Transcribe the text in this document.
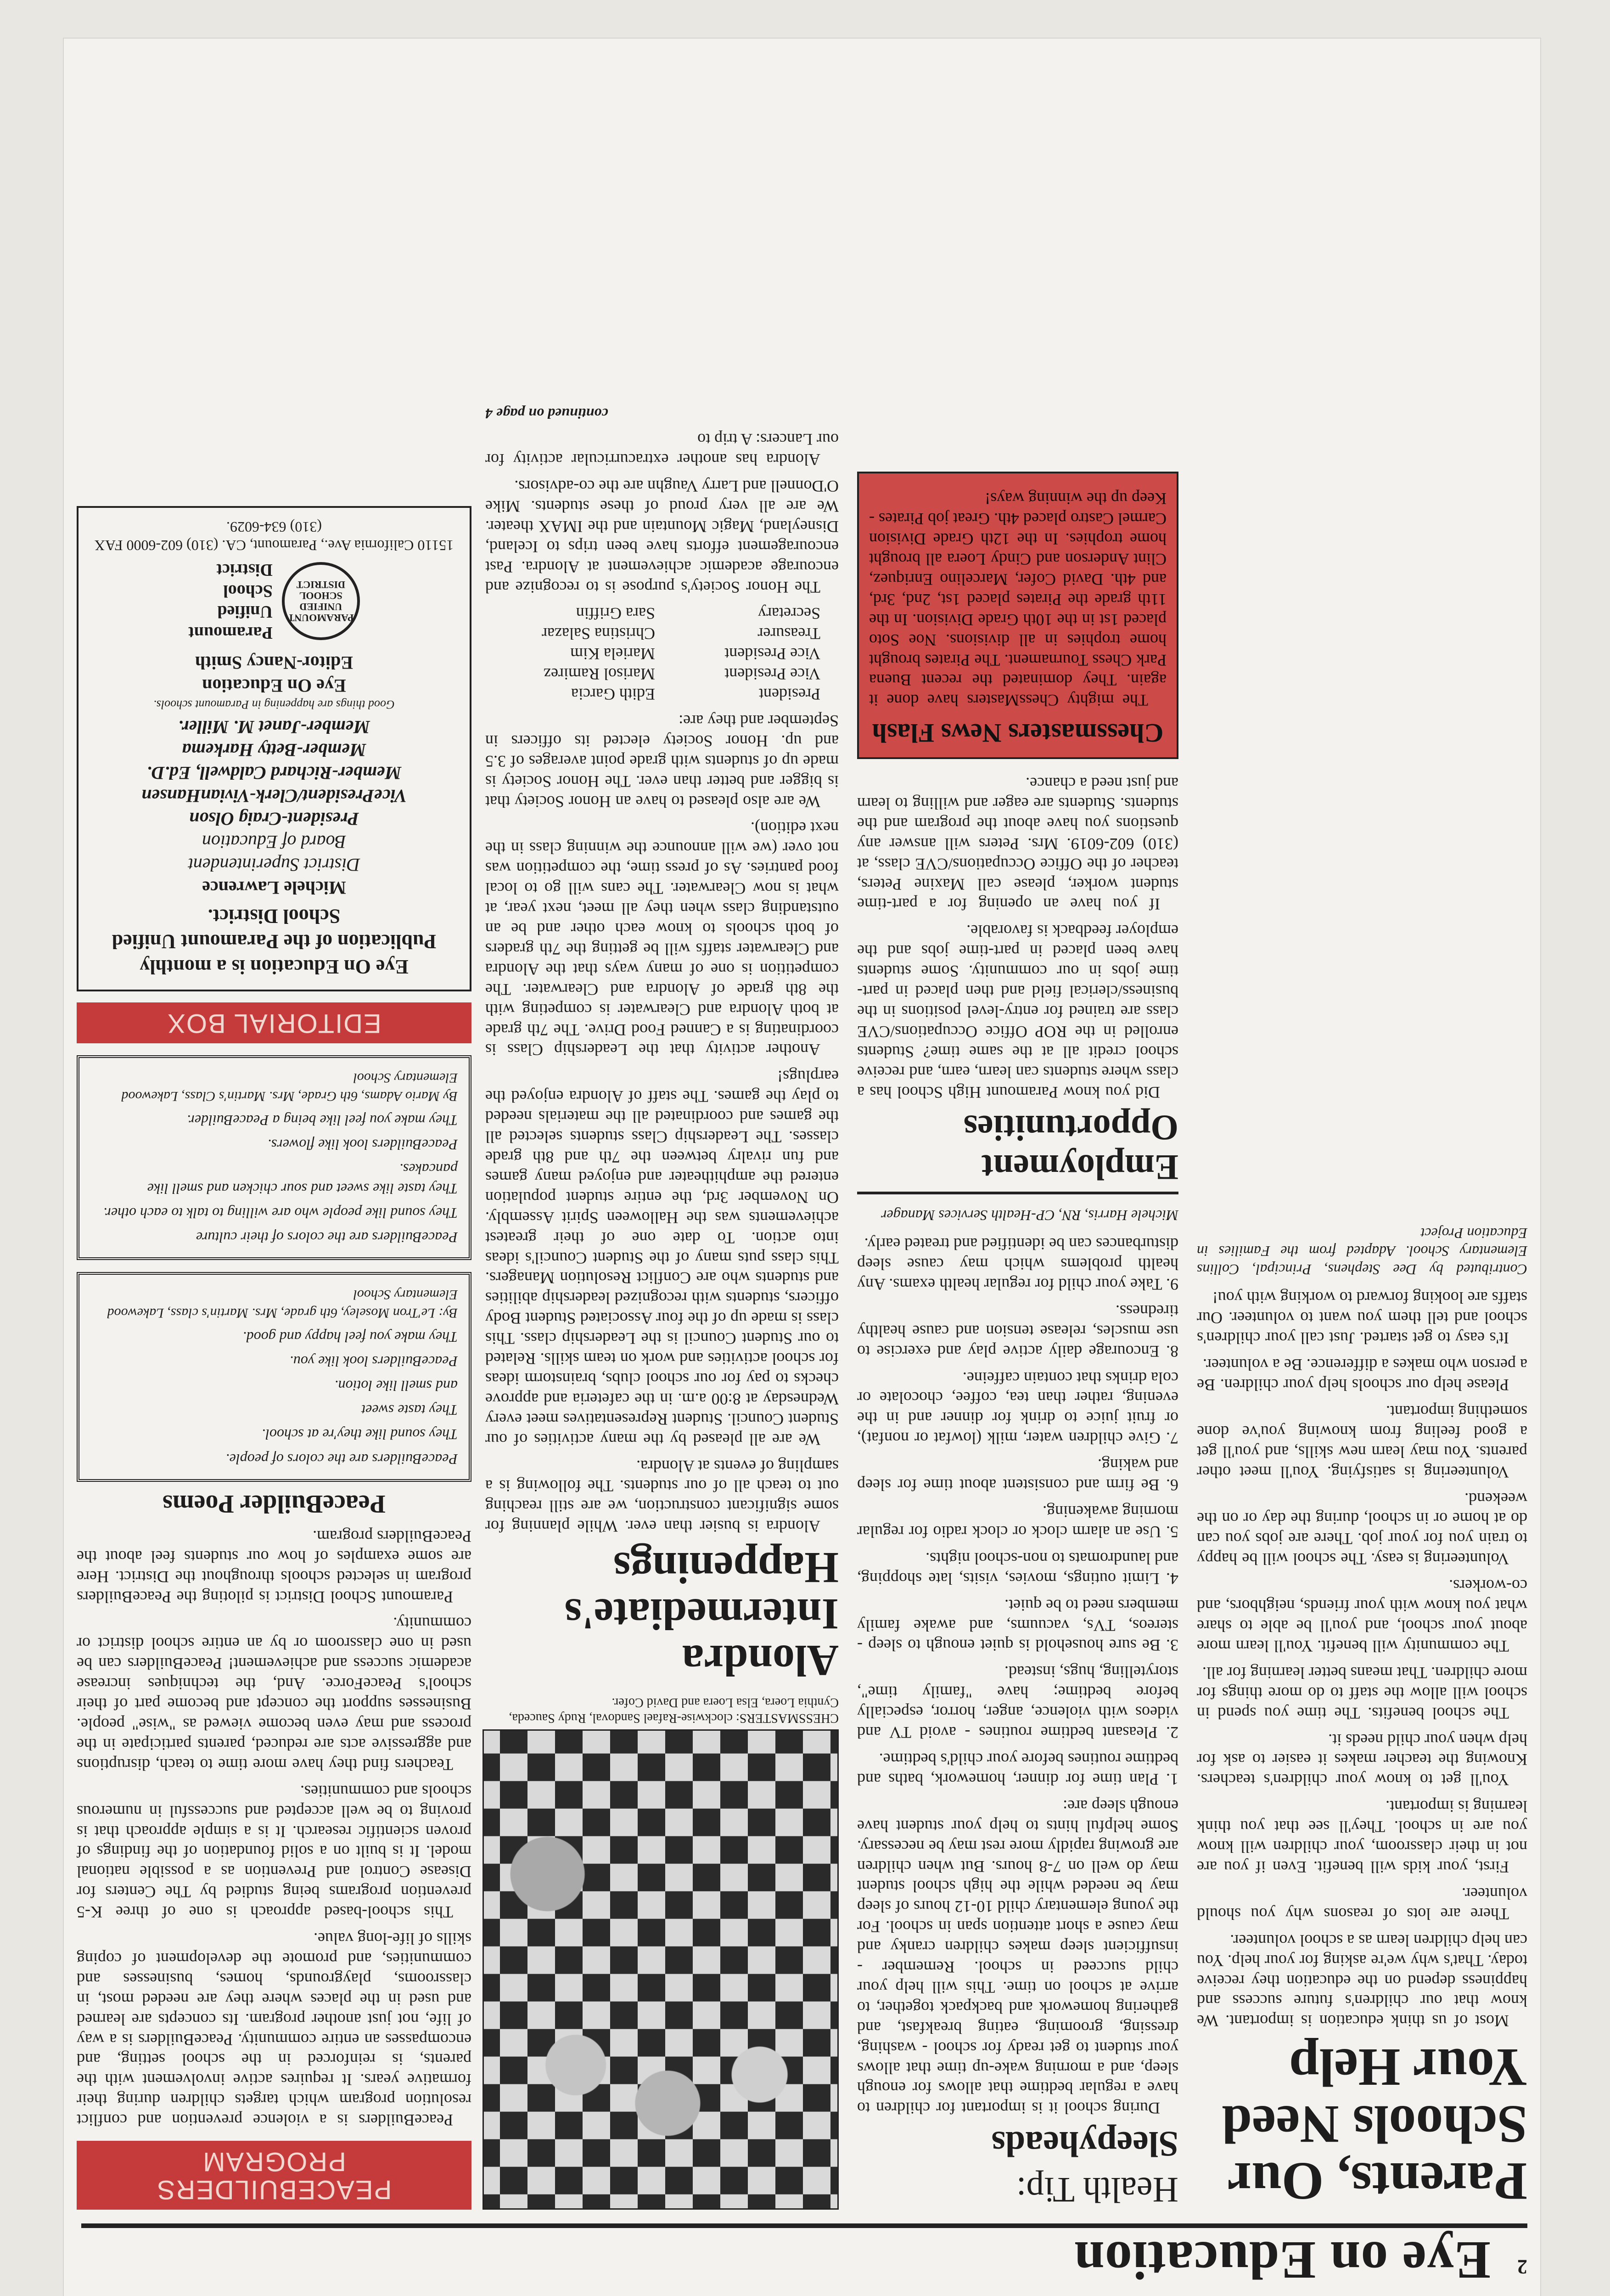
2
Eye on Education
Parents, Our Schools Need Your Help

Most of us think education is important. We know that our children's future success and happiness depend on the education they receive today. That's why we're asking for your help. You can help children learn as a school volunteer.

There are lots of reasons why you should volunteer.

First, your kids will benefit. Even if you are not in their classroom, your children will know you are in school. They'll see that you think learning is important.

You'll get to know your children's teachers. Knowing the teacher makes it easier to ask for help when your child needs it.

The school benefits. The time you spend in school will allow the staff to do more things for more children. That means better learning for all.

The community will benefit. You'll learn more about your school, and you'll be able to share what you know with your friends, neighbors, and co-workers.

Volunteering is easy. The school will be happy to train you for your job. There are jobs you can do at home or in school, during the day or on the weekend.

Volunteering is satisfying. You'll meet other parents. You may learn new skills, and you'll get a good feeling from knowing you've done something important.

Please help our schools help your children. Be a person who makes a difference. Be a volunteer.

It's easy to get started. Just call your children's school and tell them you want to volunteer. Our staffs are looking forward to working with you!

Contributed by Dee Stephens, Principal, Collins Elementary School. Adapted from the Families in Education Project

Health Tip:
Sleepyheads

During school it is important for children to have a regular bedtime that allows for enough sleep, and a morning wake-up time that allows your student to get ready for school - washing, dressing, grooming, eating breakfast, and gathering homework and backpack together, to arrive at school on time. This will help your child succeed in school. Remember - insufficient sleep makes children cranky and may cause a short attention span in school. For the young elementary child 10-12 hours of sleep may be needed while the high school student may do well on 7-8 hours. But when children are growing rapidly more rest may be necessary. Some helpful hints to help your student have enough sleep are:

1. Plan time for dinner, homework, baths and bedtime routines before your child's bedtime.

2. Pleasant bedtime routines - avoid TV and videos with violence, anger, horror, especially before bedtime; have "family time", storytelling, hugs, instead.

3. Be sure household is quiet enough to sleep - stereos, TVs, vacuums, and awake family members need to be quiet.

4. Limit outings, movies, visits, late shopping, and laundromats to non-school nights.

5. Use an alarm clock or clock radio for regular morning awakening.

6. Be firm and consistent about time for sleep and waking.

7. Give children water, milk (lowfat or nonfat), or fruit juice to drink for dinner and in the evening, rather than tea, coffee, chocolate or cola drinks that contain caffeine.

8. Encourage daily active play and exercise to use muscles, release tension and cause healthy tiredness.

9. Take your child for regular health exams. Any health problems which may cause sleep disturbances can be identified and treated early.

Michele Harris, RN, CP-Health Services Manager

Employment Opportunities

Did you know Paramount High School has a class where students can learn, earn, and receive school credit all at the same time? Students enrolled in the ROP Office Occupations/CVE class are trained for entry-level positions in the business/clerical field and then placed in part-time jobs in our community. Some students have been placed in part-time jobs and the employer feedback is favorable.

If you have an opening for a part-time student worker, please call Maxine Peters, teacher of the Office Occupations/CVE class, at (310) 602-6019. Mrs. Peters will answer any questions you have about the program and the students. Students are eager and willing to learn and just need a chance.

Chessmasters News Flash

The mighty ChessMasters have done it again. They dominated the recent Buena Park Chess Tournament. The Pirates brought home trophies in all divisions. Noe Soto placed 1st in the 10th Grade Division. In the 11th grade the Pirates placed 1st, 2nd, 3rd, and 4th. David Cofer, Marcelino Enriquez, Clint Anderson and Cindy Loera all brought home trophies. In the 12th Grade Division Carmel Castro placed 4th. Great job Pirates - Keep up the winning ways!

CHESSMASTERS: clockwise-Rafael Sandoval, Rudy Sauceda, Cynthia Loera, Elsa Loera and David Cofer.
Alondra Intermediate's Happenings

Alondra is busier than ever. While planning for some significant construction, we are still reaching out to teach all of our students. The following is a sampling of events at Alondra.

We are all pleased by the many activities of our Student Council. Student Representatives meet every Wednesday at 8:00 a.m. in the cafeteria and approve checks to pay for our school clubs, brainstorm ideas for school activities and work on team skills. Related to our Student Council is the Leadership class. This class is made up of the four Associated Student Body officers, students with recognized leadership abilities and students who are Conflict Resolution Managers. This class puts many of the Student Council's ideas into action. To date one of their greatest achievements was the Halloween Spirit Assembly. On November 3rd, the entire student population entered the amphitheater and enjoyed many games and fun rivalry between the 7th and 8th grade classes. The Leadership Class students selected all the games and coordinated all the materials needed to play the games. The staff of Alondra enjoyed the earplugs!

Another activity that the Leadership Class is coordinating is a Canned Food Drive. The 7th grade at both Alondra and Clearwater is competing with the 8th grade of Alondra and Clearwater. The competition is one of many ways that the Alondra and Clearwater staffs will be getting the 7th graders of both schools to know each other and be an outstanding class when they all meet, next year, at what is now Clearwater. The cans will go to local food pantries. As of press time, the competition was not over (we will announce the winning class in the next edition).

We are also pleased to have an Honor Society that is bigger and better than ever. The Honor Society is made up of students with grade point averages of 3.5 and up. Honor Society elected its officers in September and they are:

President
Edith Garcia
Vice President
Marisol Ramirez
Vice President
Mariela Kim
Treasurer
Christina Salazar
Secretary
Sara Griffin

The Honor Society's purpose is to recognize and encourage academic achievement at Alondra. Past encouragement efforts have been trips to Iceland, Disneyland, Magic Mountain and the IMAX theater. We are all very proud of these students. Mike O'Donnell and Larry Vaughn are the co-advisors.

Alondra has another extracurricular activity for our Lancers: A trip to

continued on page 4

PEACEBUILDERS PROGRAM

PeaceBuilders is a violence prevention and conflict resolution program which targets children during their formative years. It requires active involvement with the parents, is reinforced in the school setting, and encompasses an entire community. PeaceBuilders is a way of life, not just another program. Its concepts are learned and used in the places where they are needed most, in classrooms, playgrounds, homes, businesses and communities, and promote the development of coping skills of life-long value.

This school-based approach is one of three K-5 prevention programs being studied by The Centers for Disease Control and Prevention as a possible national model. It is built on a solid foundation of the findings of proven scientific research. It is a simple approach that is proving to be well accepted and successful in numerous schools and communities.

Teachers find they have more time to teach, disruptions and aggressive acts are reduced, parents participate in the process and may even become viewed as "wise" people. Businesses support the concept and become part of their school's PeaceForce. And, the techniques increase academic success and achievement! PeaceBuilders can be used in one classroom or by an entire school district or community.

Paramount School District is piloting the PeaceBuilders program in selected schools throughout the District. Here are some examples of how our students feel about the PeaceBuilders program.

PeaceBuilder Poems

PeaceBuilders are the colors of people.

They sound like they're at school.

They taste sweet

and smell like lotion.

PeaceBuilders look like you.

They make you feel happy and good.

By: Le'Tron Moseley, 6th grade, Mrs. Martin's class, Lakewood Elementary School

PeaceBuilders are the colors of their culture

They sound like people who are willing to talk to each other.

They taste like sweet and sour chicken and smell like pancakes.

PeaceBuilders look like flowers.

They make you feel like being a PeaceBuilder.

By Mario Adams, 6th Grade, Mrs. Martin's Class, Lakewood Elementary School

EDITORIAL BOX
Eye On Education is a monthly Publication of the Paramount Unified School District.
Michele Lawrence
District Superintendent
Board of Education
President-Craig Olson
VicePresident/Clerk-VivianHansen
Member-Richard Caldwell, Ed.D.
Member-Betty Harkema
Member-Janet M. Miller.
Good things are happening in Paramount schools.
Eye On Education
Editor-Nancy Smith
PARAMOUNT UNIFIED SCHOOL DISTRICT
Paramount
Unified
School
District
15110 California Ave., Paramount, CA. (310) 602-6000 FAX (310) 634-6029.
